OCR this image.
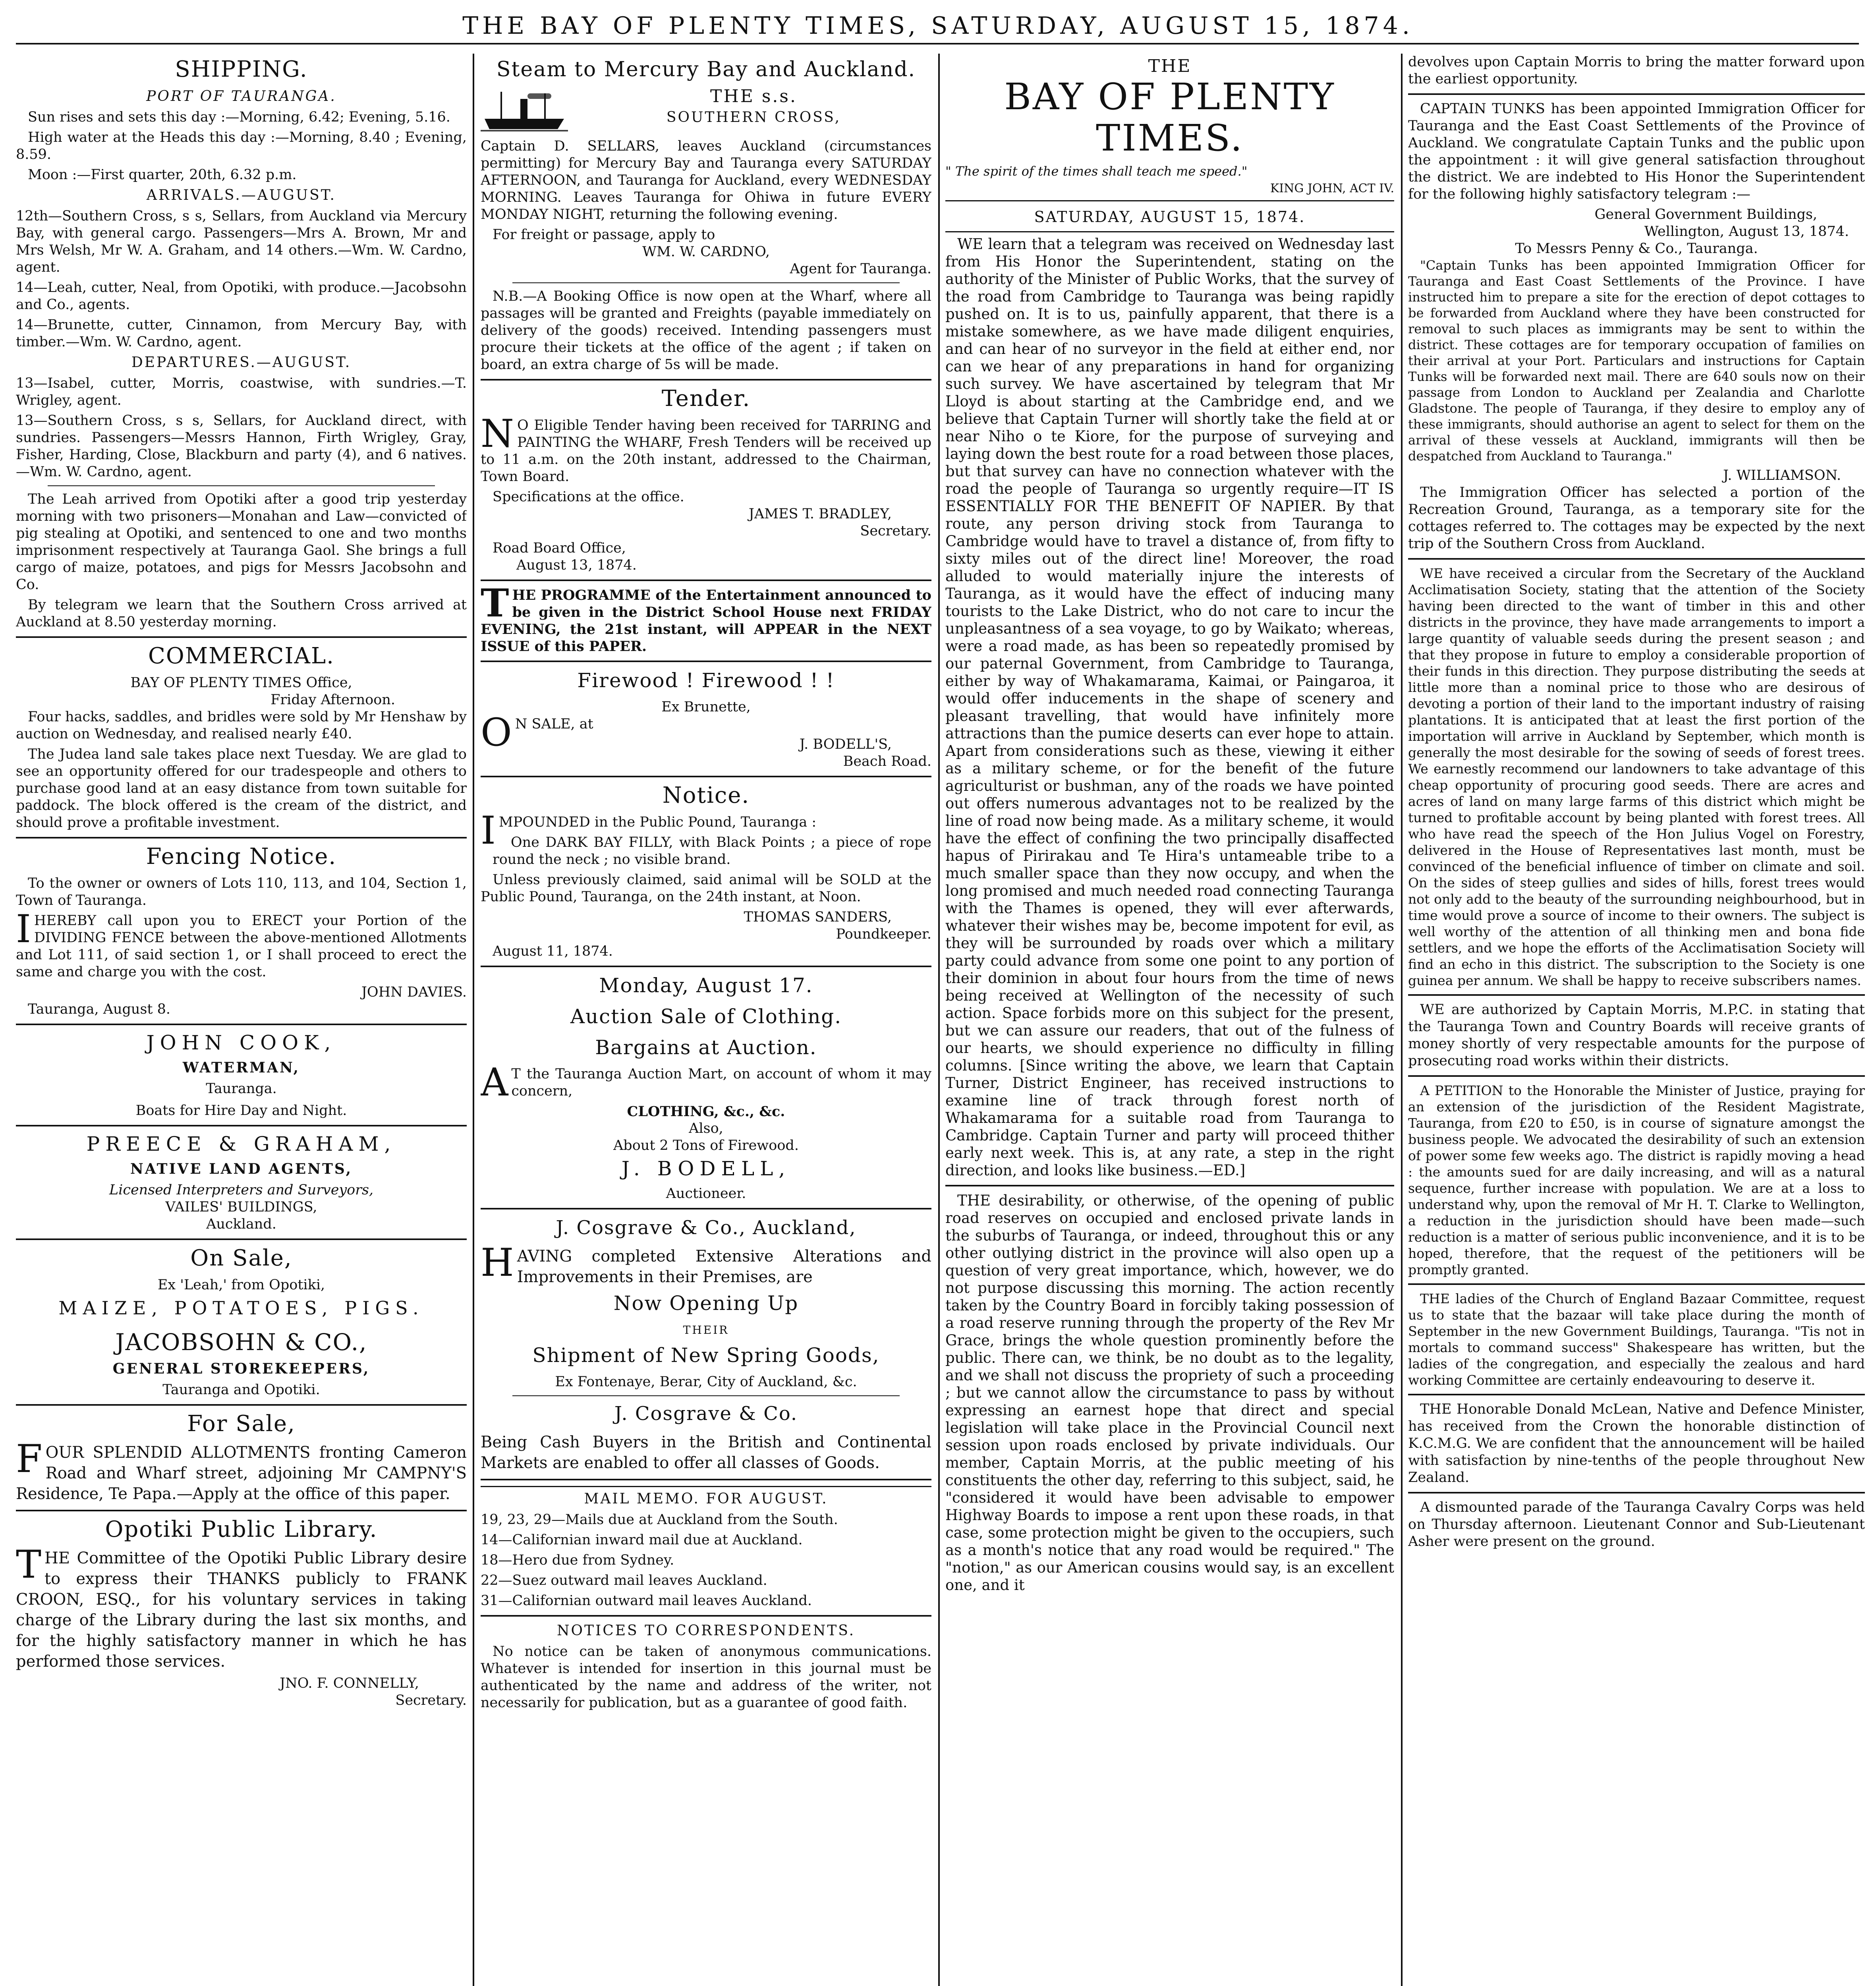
THE BAY OF PLENTY TIMES, SATURDAY, AUGUST 15, 1874.
SHIPPING.
PORT OF TAURANGA.

Sun rises and sets this day :—Morning, 6.42; Evening, 5.16.

High water at the Heads this day :—Morning, 8.40 ; Evening, 8.59.

Moon :—First quarter, 20th, 6.32 p.m.

ARRIVALS.—AUGUST.

12th—Southern Cross, s s, Sellars, from Auckland via Mercury Bay, with general cargo. Passengers—Mrs A. Brown, Mr and Mrs Welsh, Mr W. A. Graham, and 14 others.—Wm. W. Cardno, agent.

14—Leah, cutter, Neal, from Opotiki, with produce.—Jacobsohn and Co., agents.

14—Brunette, cutter, Cinnamon, from Mercury Bay, with timber.—Wm. W. Cardno, agent.

DEPARTURES.—AUGUST.

13—Isabel, cutter, Morris, coastwise, with sundries.—T. Wrigley, agent.

13—Southern Cross, s s, Sellars, for Auckland direct, with sundries. Passengers—Messrs Hannon, Firth Wrigley, Gray, Fisher, Harding, Close, Blackburn and party (4), and 6 natives.—Wm. W. Cardno, agent.

The Leah arrived from Opotiki after a good trip yesterday morning with two prisoners—Monahan and Law—convicted of pig stealing at Opotiki, and sentenced to one and two months imprisonment respectively at Tauranga Gaol. She brings a full cargo of maize, potatoes, and pigs for Messrs Jacobsohn and Co.

By telegram we learn that the Southern Cross arrived at Auckland at 8.50 yesterday morning.

COMMERCIAL.
BAY OF PLENTY TIMES Office,
Friday Afternoon.

Four hacks, saddles, and bridles were sold by Mr Henshaw by auction on Wednesday, and realised nearly £40.

The Judea land sale takes place next Tuesday. We are glad to see an opportunity offered for our tradespeople and others to purchase good land at an easy distance from town suitable for paddock. The block offered is the cream of the district, and should prove a profitable investment.

Fencing Notice.

To the owner or owners of Lots 110, 113, and 104, Section 1, Town of Tauranga.

IHEREBY call upon you to ERECT your Portion of the DIVIDING FENCE between the above-mentioned Allotments and Lot 111, of said section 1, or I shall proceed to erect the same and charge you with the cost.

JOHN DAVIES.
Tauranga, August 8.
JOHN COOK,
WATERMAN,
Tauranga.
Boats for Hire Day and Night.
PREECE & GRAHAM,
NATIVE LAND AGENTS,
Licensed Interpreters and Surveyors,
VAILES' BUILDINGS,
Auckland.
On Sale,
Ex 'Leah,' from Opotiki,
MAIZE, POTATOES, PIGS.
JACOBSOHN & CO.,
GENERAL STOREKEEPERS,
Tauranga and Opotiki.
For Sale,

FOUR SPLENDID ALLOTMENTS fronting Cameron Road and Wharf street, adjoining Mr CAMPNY'S Residence, Te Papa.—Apply at the office of this paper.

Opotiki Public Library.

THE Committee of the Opotiki Public Library desire to express their THANKS publicly to FRANK CROON, ESQ., for his voluntary services in taking charge of the Library during the last six months, and for the highly satisfactory manner in which he has performed those services.

JNO. F. CONNELLY,
Secretary.
Steam to Mercury Bay and Auckland.
THE s.s.
SOUTHERN CROSS,

Captain D. SELLARS, leaves Auckland (circumstances permitting) for Mercury Bay and Tauranga every SATURDAY AFTERNOON, and Tauranga for Auckland, every WEDNESDAY MORNING. Leaves Tauranga for Ohiwa in future EVERY MONDAY NIGHT, returning the following evening.

For freight or passage, apply to
WM. W. CARDNO,
Agent for Tauranga.

N.B.—A Booking Office is now open at the Wharf, where all passages will be granted and Freights (payable immediately on delivery of the goods) received. Intending passengers must procure their tickets at the office of the agent ; if taken on board, an extra charge of 5s will be made.

Tender.

NO Eligible Tender having been received for TARRING and PAINTING the WHARF, Fresh Tenders will be received up to 11 a.m. on the 20th instant, addressed to the Chairman, Town Board.

Specifications at the office.
JAMES T. BRADLEY,
Secretary.
Road Board Office,
August 13, 1874.

THE PROGRAMME of the Entertainment announced to be given in the District School House next FRIDAY EVENING, the 21st instant, will APPEAR in the NEXT ISSUE of this PAPER.

Firewood ! Firewood ! !
Ex Brunette,
ON SALE, at
J. BODELL'S,
Beach Road.
Notice.

IMPOUNDED in the Public Pound, Tauranga :

One DARK BAY FILLY, with Black Points ; a piece of rope round the neck ; no visible brand.

Unless previously claimed, said animal will be SOLD at the Public Pound, Tauranga, on the 24th instant, at Noon.

THOMAS SANDERS,
Poundkeeper.
August 11, 1874.
Monday, August 17.
Auction Sale of Clothing.
Bargains at Auction.

AT the Tauranga Auction Mart, on account of whom it may concern,

CLOTHING, &c., &c.
Also,
About 2 Tons of Firewood.
J. BODELL,
Auctioneer.
J. Cosgrave & Co., Auckland,

HAVING completed Extensive Alterations and Improvements in their Premises, are

Now Opening Up
THEIR
Shipment of New Spring Goods,
Ex Fontenaye, Berar, City of Auckland, &c.
J. Cosgrave & Co.

Being Cash Buyers in the British and Continental Markets are enabled to offer all classes of Goods.

MAIL MEMO. FOR AUGUST.
19, 23, 29—Mails due at Auckland from the South.
14—Californian inward mail due at Auckland.
18—Hero due from Sydney.
22—Suez outward mail leaves Auckland.
31—Californian outward mail leaves Auckland.
NOTICES TO CORRESPONDENTS.

No notice can be taken of anonymous communications. Whatever is intended for insertion in this journal must be authenticated by the name and address of the writer, not necessarily for publication, but as a guarantee of good faith.

THE
BAY OF PLENTY TIMES.
" The spirit of the times shall teach me speed."
KING JOHN, ACT IV.
SATURDAY, AUGUST 15, 1874.

WE learn that a telegram was received on Wednesday last from His Honor the Superintendent, stating on the authority of the Minister of Public Works, that the survey of the road from Cambridge to Tauranga was being rapidly pushed on. It is to us, painfully apparent, that there is a mistake somewhere, as we have made diligent enquiries, and can hear of no surveyor in the field at either end, nor can we hear of any preparations in hand for organizing such survey. We have ascertained by telegram that Mr Lloyd is about starting at the Cambridge end, and we believe that Captain Turner will shortly take the field at or near Niho o te Kiore, for the purpose of surveying and laying down the best route for a road between those places, but that survey can have no connection whatever with the road the people of Tauranga so urgently require—IT IS ESSENTIALLY FOR THE BENEFIT OF NAPIER. By that route, any person driving stock from Tauranga to Cambridge would have to travel a distance of, from fifty to sixty miles out of the direct line! Moreover, the road alluded to would materially injure the interests of Tauranga, as it would have the effect of inducing many tourists to the Lake District, who do not care to incur the unpleasantness of a sea voyage, to go by Waikato; whereas, were a road made, as has been so repeatedly promised by our paternal Government, from Cambridge to Tauranga, either by way of Whakamarama, Kaimai, or Paingaroa, it would offer inducements in the shape of scenery and pleasant travelling, that would have infinitely more attractions than the pumice deserts can ever hope to attain. Apart from considerations such as these, viewing it either as a military scheme, or for the benefit of the future agriculturist or bushman, any of the roads we have pointed out offers numerous advantages not to be realized by the line of road now being made. As a military scheme, it would have the effect of confining the two principally disaffected hapus of Pirirakau and Te Hira's untameable tribe to a much smaller space than they now occupy, and when the long promised and much needed road connecting Tauranga with the Thames is opened, they will ever afterwards, whatever their wishes may be, become impotent for evil, as they will be surrounded by roads over which a military party could advance from some one point to any portion of their dominion in about four hours from the time of news being received at Wellington of the necessity of such action. Space forbids more on this subject for the present, but we can assure our readers, that out of the fulness of our hearts, we should experience no difficulty in filling columns. [Since writing the above, we learn that Captain Turner, District Engineer, has received instructions to examine line of track through forest north of Whakamarama for a suitable road from Tauranga to Cambridge. Captain Turner and party will proceed thither early next week. This is, at any rate, a step in the right direction, and looks like business.—ED.]

THE desirability, or otherwise, of the opening of public road reserves on occupied and enclosed private lands in the suburbs of Tauranga, or indeed, throughout this or any other outlying district in the province will also open up a question of very great importance, which, however, we do not purpose discussing this morning. The action recently taken by the Country Board in forcibly taking possession of a road reserve running through the property of the Rev Mr Grace, brings the whole question prominently before the public. There can, we think, be no doubt as to the legality, and we shall not discuss the propriety of such a proceeding ; but we cannot allow the circumstance to pass by without expressing an earnest hope that direct and special legislation will take place in the Provincial Council next session upon roads enclosed by private individuals. Our member, Captain Morris, at the public meeting of his constituents the other day, referring to this subject, said, he "considered it would have been advisable to empower Highway Boards to impose a rent upon these roads, in that case, some protection might be given to the occupiers, such as a month's notice that any road would be required." The "notion," as our American cousins would say, is an excellent one, and it

devolves upon Captain Morris to bring the matter forward upon the earliest opportunity.

CAPTAIN TUNKS has been appointed Immigration Officer for Tauranga and the East Coast Settlements of the Province of Auckland. We congratulate Captain Tunks and the public upon the appointment : it will give general satisfaction throughout the district. We are indebted to His Honor the Superintendent for the following highly satisfactory telegram :—

General Government Buildings,
Wellington, August 13, 1874.
To Messrs Penny & Co., Tauranga.

"Captain Tunks has been appointed Immigration Officer for Tauranga and East Coast Settlements of the Province. I have instructed him to prepare a site for the erection of depot cottages to be forwarded from Auckland where they have been constructed for removal to such places as immigrants may be sent to within the district. These cottages are for temporary occupation of families on their arrival at your Port. Particulars and instructions for Captain Tunks will be forwarded next mail. There are 640 souls now on their passage from London to Auckland per Zealandia and Charlotte Gladstone. The people of Tauranga, if they desire to employ any of these immigrants, should authorise an agent to select for them on the arrival of these vessels at Auckland, immigrants will then be despatched from Auckland to Tauranga."

J. WILLIAMSON.

The Immigration Officer has selected a portion of the Recreation Ground, Tauranga, as a temporary site for the cottages referred to. The cottages may be expected by the next trip of the Southern Cross from Auckland.

WE have received a circular from the Secretary of the Auckland Acclimatisation Society, stating that the attention of the Society having been directed to the want of timber in this and other districts in the province, they have made arrangements to import a large quantity of valuable seeds during the present season ; and that they propose in future to employ a considerable proportion of their funds in this direction. They purpose distributing the seeds at little more than a nominal price to those who are desirous of devoting a portion of their land to the important industry of raising plantations. It is anticipated that at least the first portion of the importation will arrive in Auckland by September, which month is generally the most desirable for the sowing of seeds of forest trees. We earnestly recommend our landowners to take advantage of this cheap opportunity of procuring good seeds. There are acres and acres of land on many large farms of this district which might be turned to profitable account by being planted with forest trees. All who have read the speech of the Hon Julius Vogel on Forestry, delivered in the House of Representatives last month, must be convinced of the beneficial influence of timber on climate and soil. On the sides of steep gullies and sides of hills, forest trees would not only add to the beauty of the surrounding neighbourhood, but in time would prove a source of income to their owners. The subject is well worthy of the attention of all thinking men and bona fide settlers, and we hope the efforts of the Acclimatisation Society will find an echo in this district. The subscription to the Society is one guinea per annum. We shall be happy to receive subscribers names.

WE are authorized by Captain Morris, M.P.C. in stating that the Tauranga Town and Country Boards will receive grants of money shortly of very respectable amounts for the purpose of prosecuting road works within their districts.

A PETITION to the Honorable the Minister of Justice, praying for an extension of the jurisdiction of the Resident Magistrate, Tauranga, from £20 to £50, is in course of signature amongst the business people. We advocated the desirability of such an extension of power some few weeks ago. The district is rapidly moving a head : the amounts sued for are daily increasing, and will as a natural sequence, further increase with population. We are at a loss to understand why, upon the removal of Mr H. T. Clarke to Wellington, a reduction in the jurisdiction should have been made—such reduction is a matter of serious public inconvenience, and it is to be hoped, therefore, that the request of the petitioners will be promptly granted.

THE ladies of the Church of England Bazaar Committee, request us to state that the bazaar will take place during the month of September in the new Government Buildings, Tauranga. "Tis not in mortals to command success" Shakespeare has written, but the ladies of the congregation, and especially the zealous and hard working Committee are certainly endeavouring to deserve it.

THE Honorable Donald McLean, Native and Defence Minister, has received from the Crown the honorable distinction of K.C.M.G. We are confident that the announcement will be hailed with satisfaction by nine-tenths of the people throughout New Zealand.

A dismounted parade of the Tauranga Cavalry Corps was held on Thursday afternoon. Lieutenant Connor and Sub-Lieutenant Asher were present on the ground.
